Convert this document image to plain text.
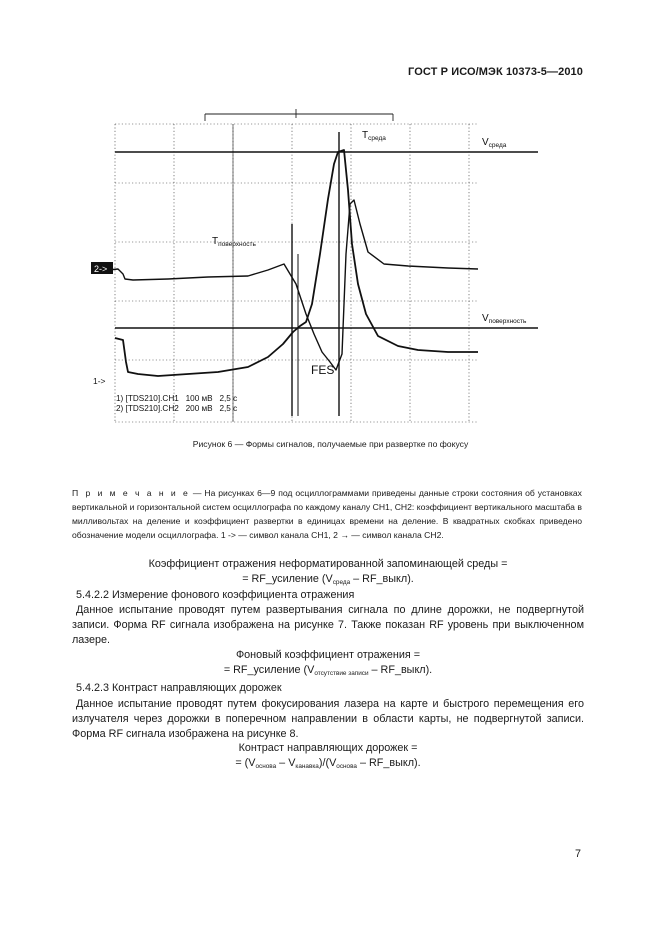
ГОСТ Р ИСО/МЭК 10373-5—2010
2->
1->
$T_{среда}$	$V_{среда}$
$T_{поверхность}$
$V_{поверхность}$
FES
1) [TDS210].CH1   100 мВ   2,5 с
2) [TDS210].CH2   200 мВ   2,5 с
Рисунок 6 — Формы сигналов, получаемые при развертке по фокусу
П р и м е ч а н и е — На рисунках 6—9 под осциллограммами приведены данные строки состояния об установках вертикальной и горизонтальной систем осциллографа по каждому каналу CH1, CH2: коэффициент вертикального масштаба в милливольтах на деление и коэффициент развертки в единицах времени на деление. В квадратных скобках приведено обозначение модели осциллографа. 1 -> — символ канала CH1, 2 → — символ канала CH2.
Коэффициент отражения неформатированной запоминающей среды =
= RF_усиление ($V_{среда}$ – RF_выкл).
5.4.2.2 Измерение фонового коэффициента отражения
Данное испытание проводят путем развертывания сигнала по длине дорожки, не подвергнутой записи. Форма RF сигнала изображена на рисунке 7. Также показан RF уровень при выключенном лазере.
Фоновый коэффициент отражения =
= RF_усиление ($V_{отсутствие записи}$ – RF_выкл).
5.4.2.3 Контраст направляющих дорожек
Данное испытание проводят путем фокусирования лазера на карте и быстрого перемещения его излучателя через дорожки в поперечном направлении в области карты, не подвергнутой записи. Форма RF сигнала изображена на рисунке 8.
Контраст направляющих дорожек =
= $(V_{основа} - V_{канавка})/(V_{основа}$ – RF_выкл).
7
